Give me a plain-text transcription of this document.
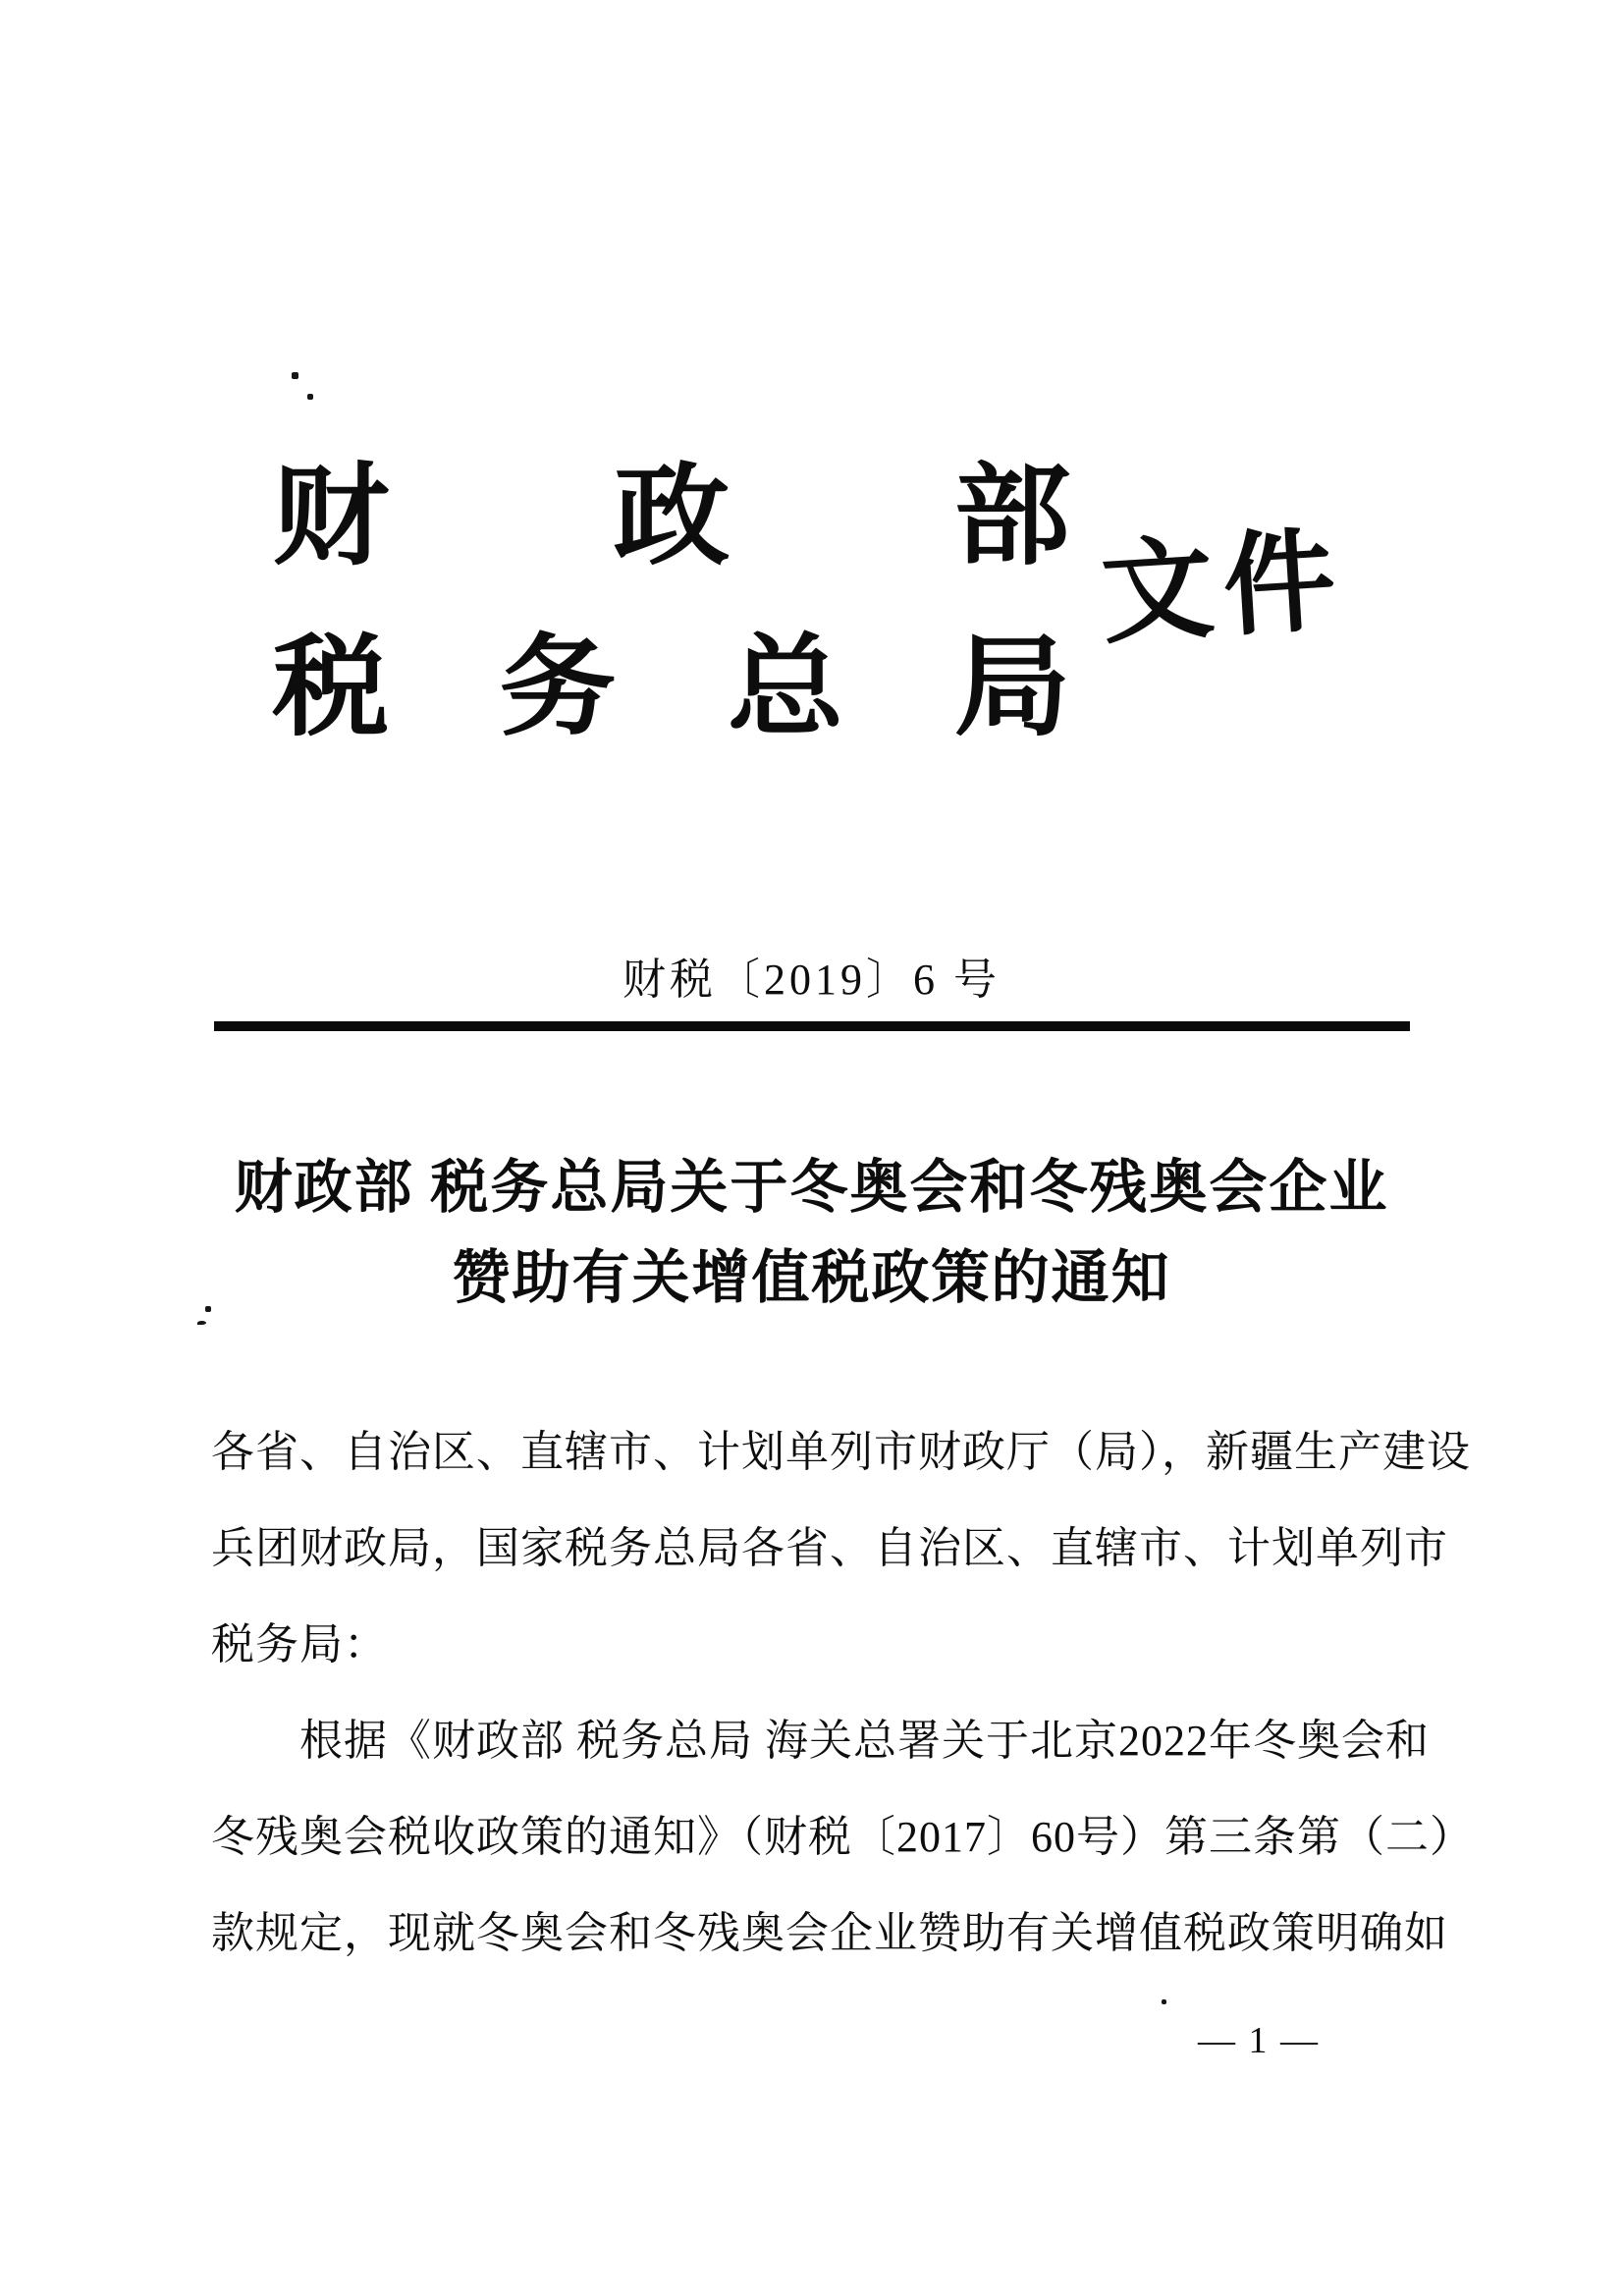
财 政 部
税 务 总 局
文件
财税〔2019〕6 号
财政部 税务总局关于冬奥会和冬残奥会企业
赞助有关增值税政策的通知
各省、自治区、直辖市、计划单列市财政厅（局），新疆生产建设
兵团财政局，国家税务总局各省、自治区、直辖市、计划单列市
税务局：
根据《财政部 税务总局 海关总署关于北京2022年冬奥会和
冬残奥会税收政策的通知》（财税〔2017〕60号）第三条第（二）
款规定，现就冬奥会和冬残奥会企业赞助有关增值税政策明确如
— 1 —
